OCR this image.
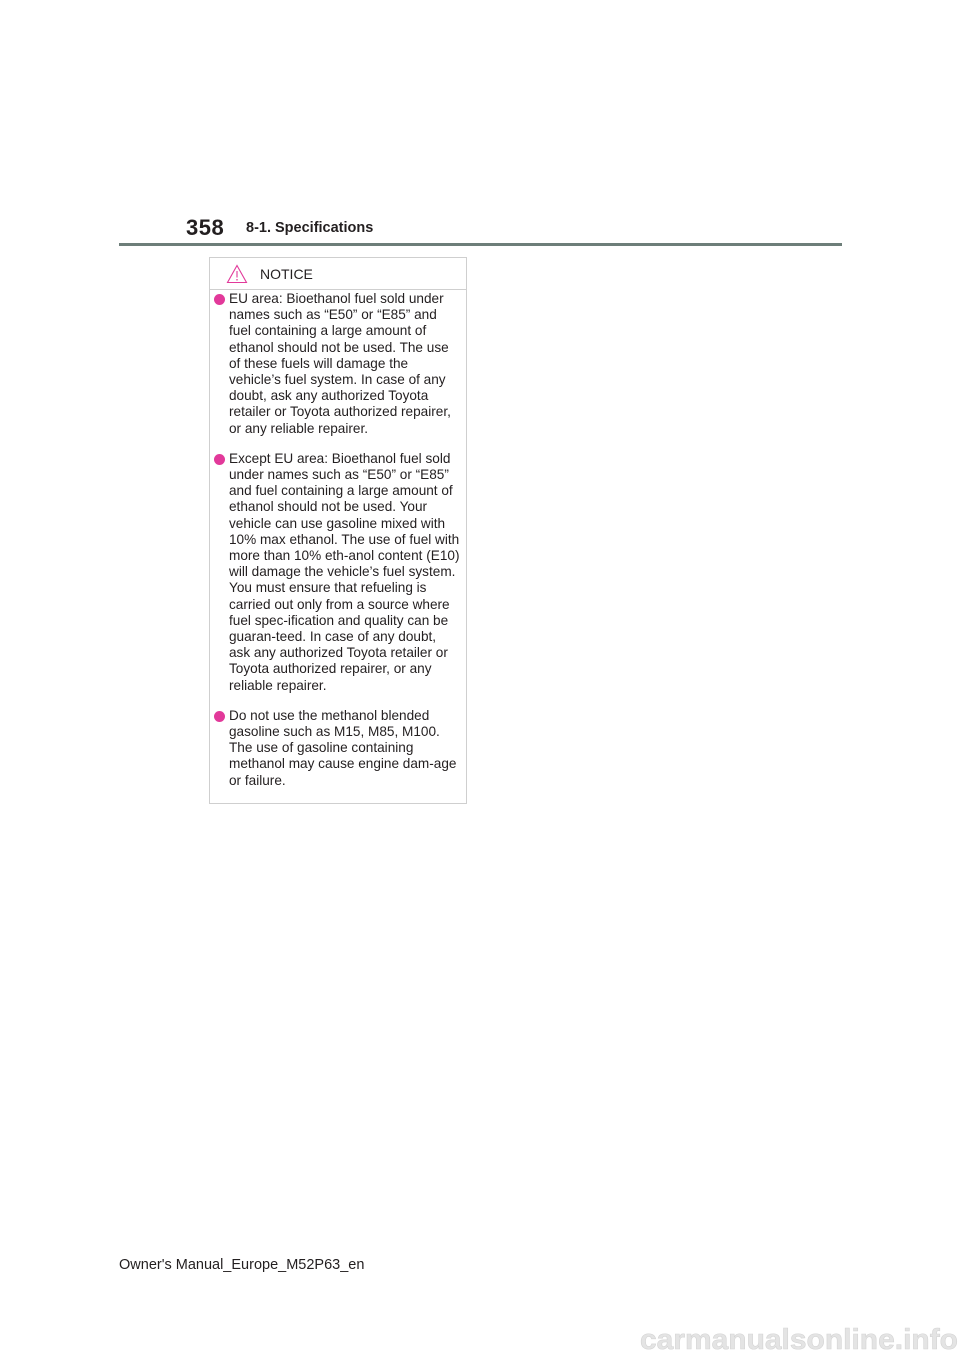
358 8-1. Specifications
NOTICE
EU area: Bioethanol fuel sold under names such as “E50” or “E85” and fuel containing a large amount of ethanol should not be used. The use of these fuels will damage the vehicle’s fuel system. In case of any doubt, ask any authorized Toyota retailer or Toyota authorized repairer, or any reliable repairer.
Except EU area: Bioethanol fuel sold under names such as “E50” or “E85” and fuel containing a large amount of ethanol should not be used. Your vehicle can use gasoline mixed with 10% max ethanol. The use of fuel with more than 10% eth-anol content (E10) will damage the vehicle’s fuel system. You must ensure that refueling is carried out only from a source where fuel spec-ification and quality can be guaran-teed. In case of any doubt, ask any authorized Toyota retailer or Toyota authorized repairer, or any reliable repairer.
Do not use the methanol blended gasoline such as M15, M85, M100. The use of gasoline containing methanol may cause engine dam-age or failure.
Owner's Manual_Europe_M52P63_en
carmanualsonline.info
